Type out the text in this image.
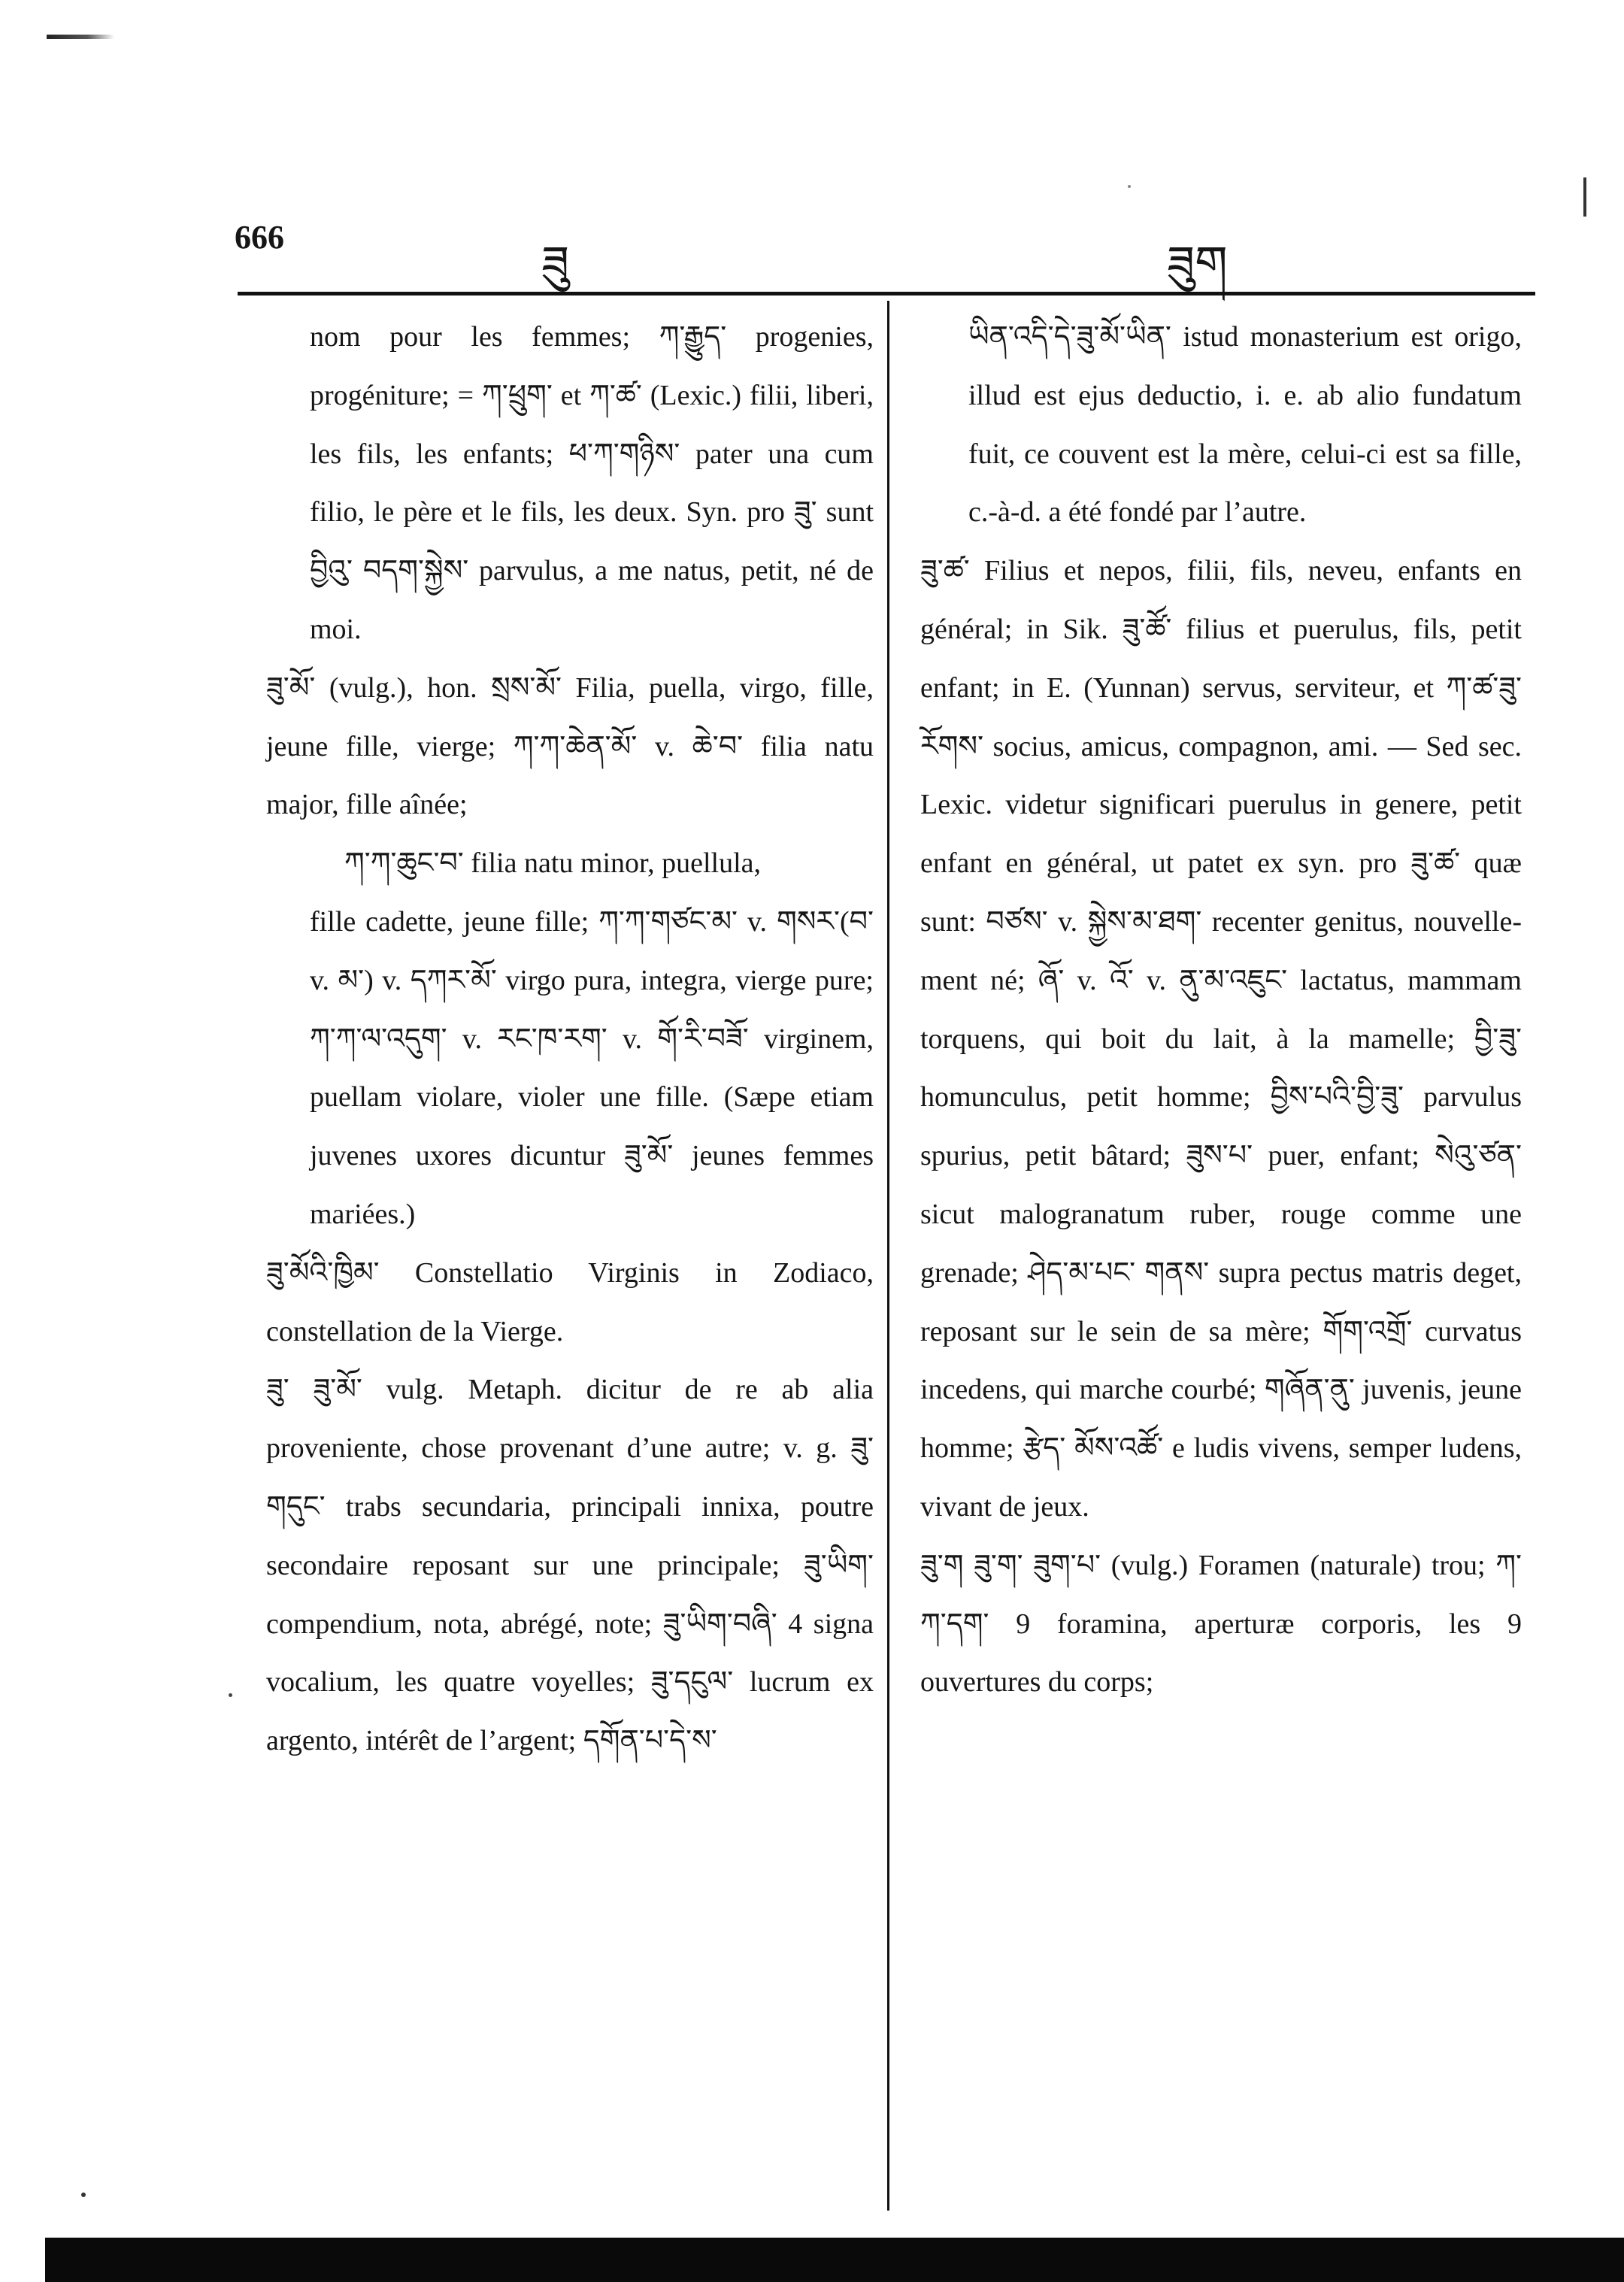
666	ཟུ	ཟུག

nom pour les femmes; ཀ་རྒྱུད་ progenies, progéniture; = ཀ་ཕྲུག་ et ཀ་ཚ་ (Lexic.) filii, liberi, les fils, les enfants; ཕ་ཀ་གཉིས་ pater una cum filio, le père et le fils, les deux. Syn. pro ཟུ་ sunt བྱིའུ་ བདག་སྐྱེས་ parvulus, a me natus, petit, né de moi.

ཟུ་མོ་ (vulg.), hon. སྲས་མོ་ Filia, puella, virgo, fille, jeune fille, vierge; ཀ་ཀ་ཆེན་མོ་ v. ཆེ་བ་ filia natu major, fille aînée;

ཀ་ཀ་ཆུང་བ་ filia natu minor, puellula,

fille cadette, jeune fille; ཀ་ཀ་གཙང་མ་ v. གསར་(བ་ v. མ་) v. དཀར་མོ་ virgo pura, integra, vierge pure; ཀ་ཀ་ལ་འདུག་ v. རང་ཁ་རག་ v. གོ་རི་བཟོ་ virginem, puellam violare, violer une fille. (Sæpe etiam juvenes uxores dicuntur ཟུ་མོ་ jeunes femmes mariées.)

ཟུ་མོའི་ཁྱིམ་ Constellatio Virginis in Zodiaco, constellation de la Vierge.

ཟུ་ ཟུ་མོ་ vulg. Metaph. dicitur de re ab alia proveniente, chose provenant d’une autre; v. g. ཟུ་གདུང་ trabs secundaria, principali innixa, poutre secondaire reposant sur une principale; ཟུ་ཡིག་ compendium, nota, abrégé, note; ཟུ་ཡིག་བཞི་ 4 signa vocalium, les quatre voyelles; ཟུ་དངུལ་ lucrum ex argento, intérêt de l’argent; དགོན་པ་དེ་ས་

ཡིན་འདི་དེ་ཟུ་མོ་ཡིན་ istud monasterium est origo, illud est ejus deductio, i. e. ab alio fundatum fuit, ce couvent est la mère, celui-ci est sa fille, c.-à-d. a été fondé par l’autre.

ཟུ་ཚ་ Filius et nepos, filii, fils, neveu, enfants en général; in Sik. ཟུ་ཚོ་ filius et puerulus, fils, petit enfant; in E. (Yunnan) servus, serviteur, et ཀ་ཚ་ཟུ་རོགས་ socius, amicus, compagnon, ami. — Sed sec. Lexic. videtur significari puerulus in genere, petit enfant en général, ut patet ex syn. pro ཟུ་ཚ་ quæ sunt: བཙས་ v. སྐྱེས་མ་ཐག་ recenter genitus, nouvellement né; ཞོ་ v. འོ་ v. ནུ་མ་འཇུང་ lactatus, mammam torquens, qui boit du lait, à la mamelle; བྱི་ཟུ་ homunculus, petit homme; བྱིས་པའི་བྱི་ཟུ་ parvulus spurius, petit bâtard; ཟུས་པ་ puer, enfant; སེའུ་ཙན་ sicut malogranatum ruber, rouge comme une grenade; ཤེད་མ་པང་ གནས་ supra pectus matris deget, reposant sur le sein de sa mère; གོག་འགྲོ་ curvatus incedens, qui marche courbé; གཞོན་ནུ་ juvenis, jeune homme; རྩེད་ མོས་འཚོ་ e ludis vivens, semper ludens, vivant de jeux.

ཟུ་ག ཟུ་ག་ ཟུག་པ་ (vulg.) Foramen (naturale) trou; ཀ་ཀ་དག་ 9 foramina, aperturæ corporis, les 9 ouvertures du corps;
